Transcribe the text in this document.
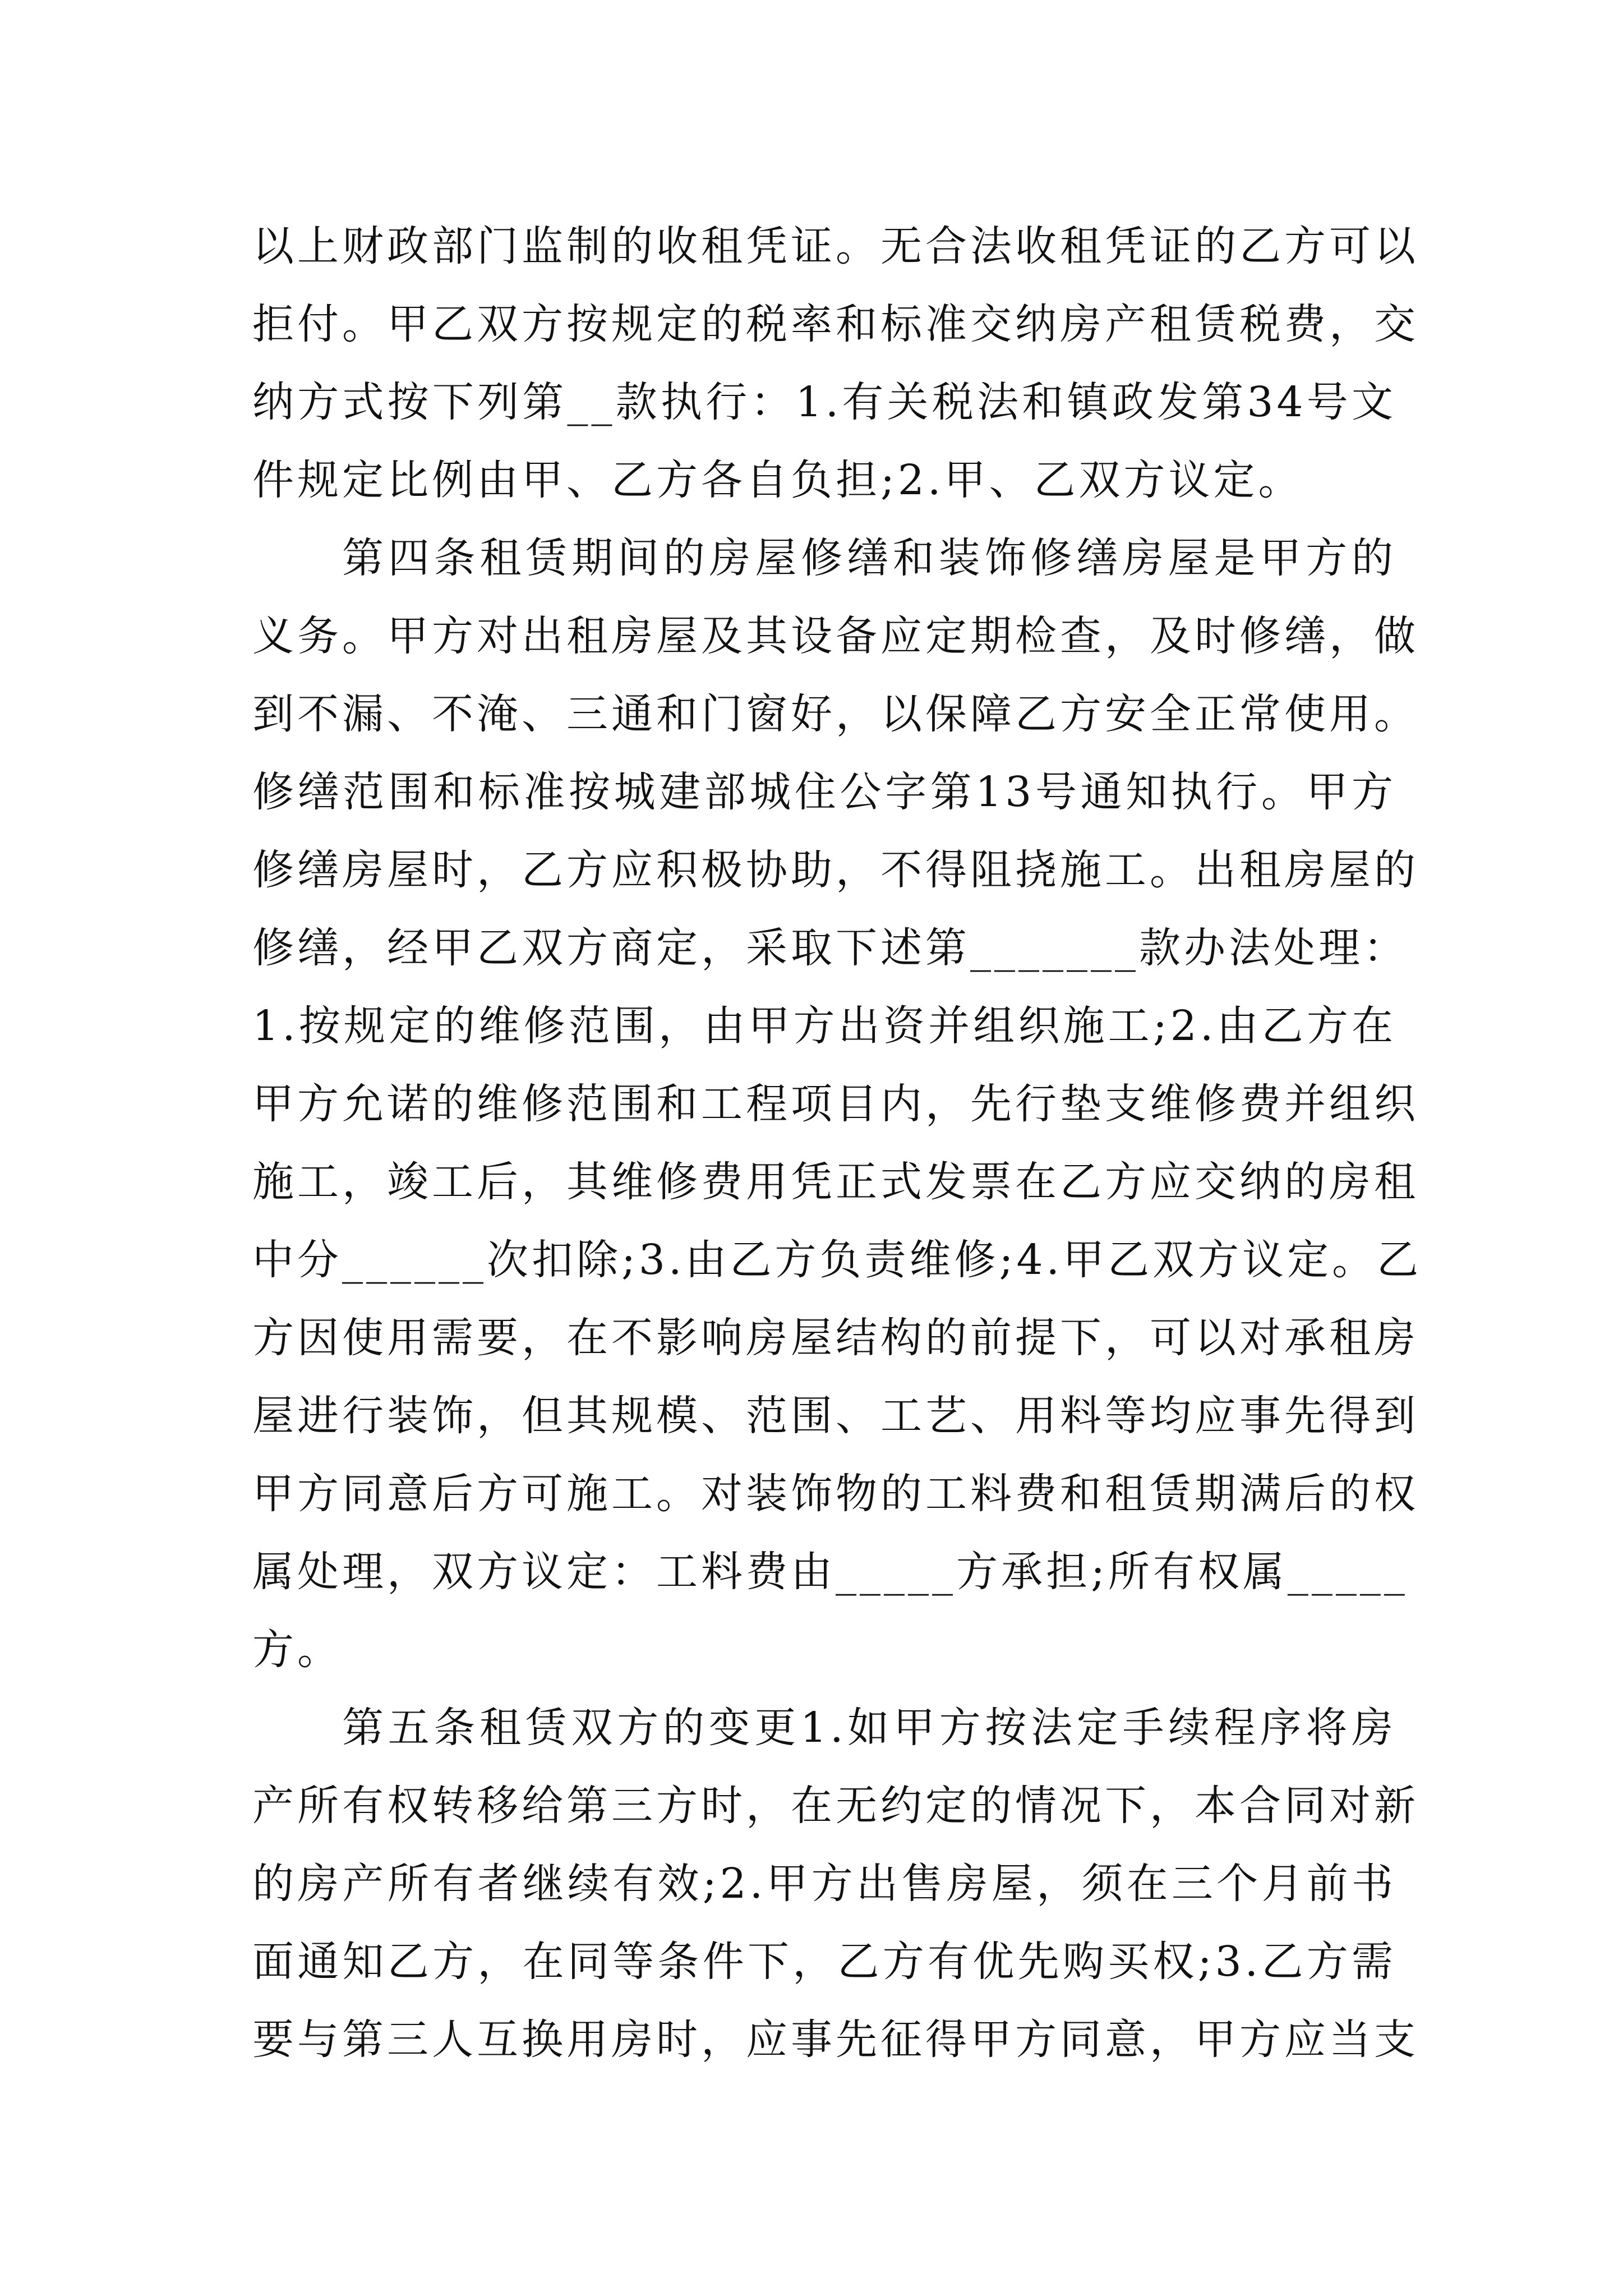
以上财政部门监制的收租凭证。无合法收租凭证的乙方可以
拒付。甲乙双方按规定的税率和标准交纳房产租赁税费，交
纳方式按下列第__款执行：1.有关税法和镇政发第34号文
件规定比例由甲、乙方各自负担;2.甲、乙双方议定。
第四条租赁期间的房屋修缮和装饰修缮房屋是甲方的
义务。甲方对出租房屋及其设备应定期检查，及时修缮，做
到不漏、不淹、三通和门窗好，以保障乙方安全正常使用。
修缮范围和标准按城建部城住公字第13号通知执行。甲方
修缮房屋时，乙方应积极协助，不得阻挠施工。出租房屋的
修缮，经甲乙双方商定，采取下述第_______款办法处理：
1.按规定的维修范围，由甲方出资并组织施工;2.由乙方在
甲方允诺的维修范围和工程项目内，先行垫支维修费并组织
施工，竣工后，其维修费用凭正式发票在乙方应交纳的房租
中分______次扣除;3.由乙方负责维修;4.甲乙双方议定。乙
方因使用需要，在不影响房屋结构的前提下，可以对承租房
屋进行装饰，但其规模、范围、工艺、用料等均应事先得到
甲方同意后方可施工。对装饰物的工料费和租赁期满后的权
属处理，双方议定：工料费由_____方承担;所有权属_____
方。
第五条租赁双方的变更1.如甲方按法定手续程序将房
产所有权转移给第三方时，在无约定的情况下，本合同对新
的房产所有者继续有效;2.甲方出售房屋，须在三个月前书
面通知乙方，在同等条件下，乙方有优先购买权;3.乙方需
要与第三人互换用房时，应事先征得甲方同意，甲方应当支
